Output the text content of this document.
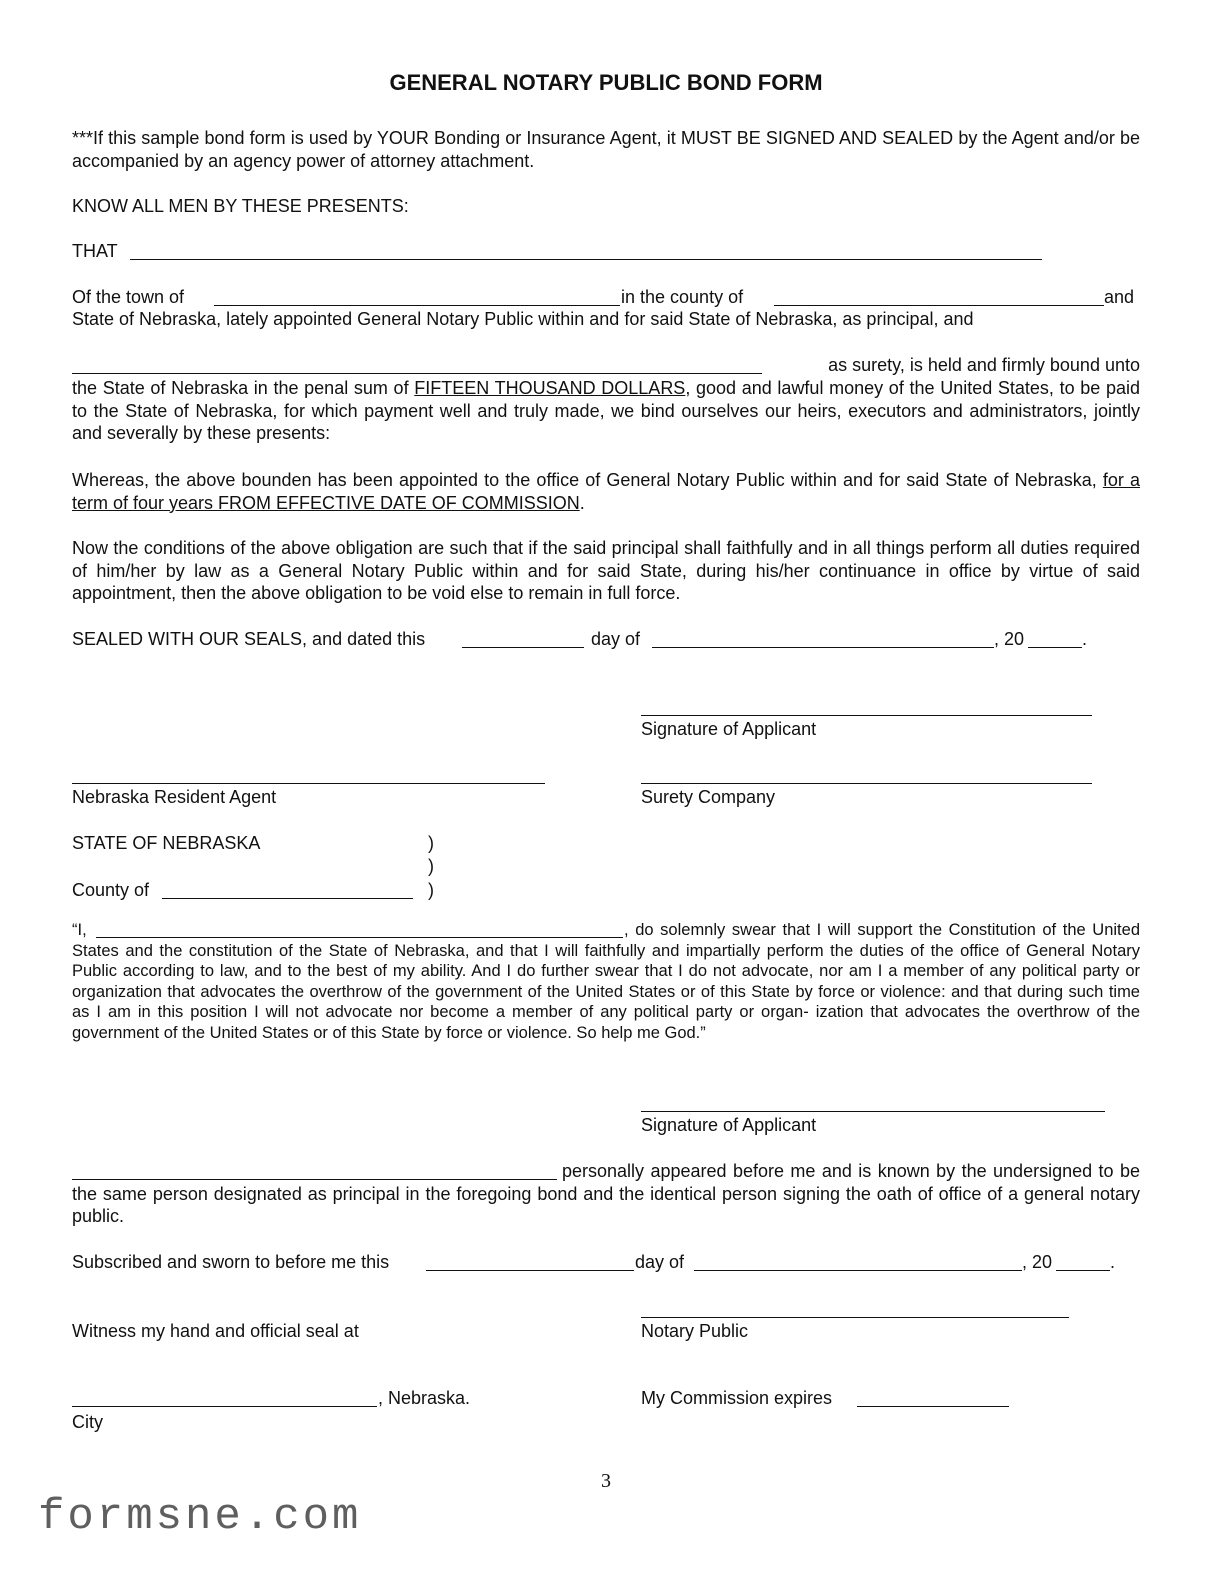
GENERAL NOTARY PUBLIC BOND FORM

***If this sample bond form is used by YOUR Bonding or Insurance Agent, it MUST BE SIGNED AND SEALED by the Agent and/or be accompanied by an agency power of attorney attachment.

KNOW ALL MEN BY THESE PRESENTS:
THAT
Of the town of	in the county of	and
State of Nebraska, lately appointed General Notary Public within and for said State of Nebraska, as principal, and
as surety, is held and firmly bound unto

the State of Nebraska in the penal sum of FIFTEEN THOUSAND DOLLARS, good and lawful money of the United States, to be paid to the State of Nebraska, for which payment well and truly made, we bind ourselves our heirs, executors and administrators, jointly and severally by these presents:

Whereas, the above bounden has been appointed to the office of General Notary Public within and for said State of Nebraska, for a term of four years FROM EFFECTIVE DATE OF COMMISSION.

Now the conditions of the above obligation are such that if the said principal shall faithfully and in all things perform all duties required of him/her by law as a General Notary Public within and for said State, during his/her continuance in office by virtue of said appointment, then the above obligation to be void else to remain in full force.

SEALED WITH OUR SEALS, and dated this	day of	, 20	.
Signature of Applicant
Nebraska Resident Agent	Surety Company
STATE OF NEBRASKA	)
)
County of	)
“I,	, do solemnly swear that I will support the Constitution of the United States and the constitution of the State of Nebraska, and that I will faithfully and impartially perform the duties of the office of General Notary Public according to law, and to the best of my ability. And I do further swear that I do not advocate, nor am I a member of any political party or organization that advocates the overthrow of the government of the United States or of this State by force or violence: and that during such time as I am in this position I will not advocate nor become a member of any political party or organ- ization that advocates the overthrow of the government of the United States or of this State by force or violence. So help me God.”

Signature of Applicant

personally appeared before me and is known by the undersigned to be the same person designated as principal in the foregoing bond and the identical person signing the oath of office of a general notary public.

Subscribed and sworn to before me this	day of	, 20	.
Witness my hand and official seal at	Notary Public
, Nebraska.
City
My Commission expires
3
formsne.com
